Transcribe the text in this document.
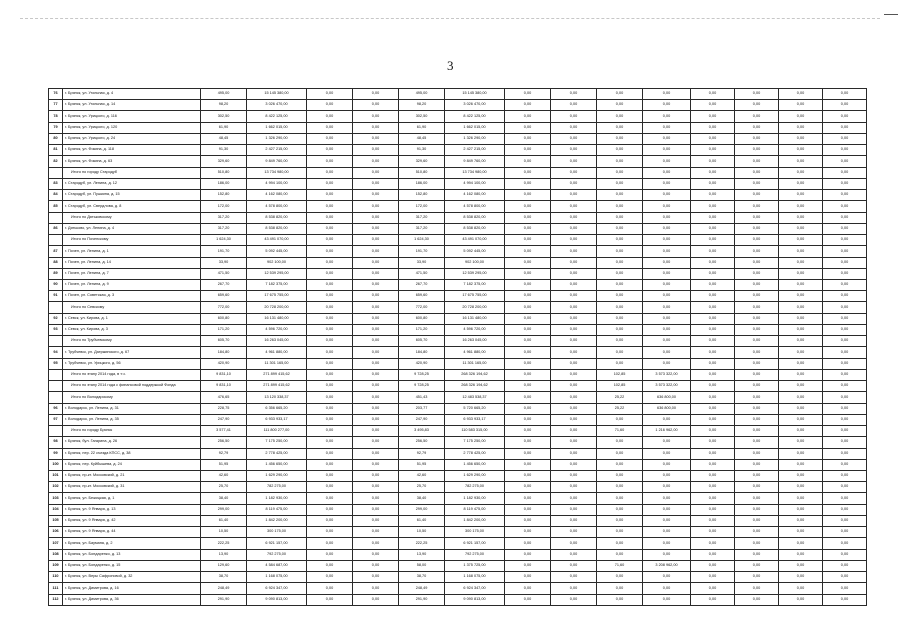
3
76	г. Брянск, ул. Угольная, д. 4	495,00	15 145 380,00	0,00	0,00	495,00	15 145 380,00	0,00	0,00	0,00	0,00	0,00	0,00	0,00	0,00
77	г. Брянск, ул. Угольная, д. 14	98,20	3 026 470,00	0,00	0,00	98,20	3 026 470,00	0,00	0,00	0,00	0,00	0,00	0,00	0,00	0,00
78	г. Брянск, ул. Урицкого, д. 116	302,50	8 422 125,00	0,00	0,00	302,50	8 422 125,00	0,00	0,00	0,00	0,00	0,00	0,00	0,00	0,00
79	г. Брянск, ул. Урицкого, д. 120	61,90	1 662 015,00	0,00	0,00	61,90	1 662 015,00	0,00	0,00	0,00	0,00	0,00	0,00	0,00	0,00
80	г. Брянск, ул. Урицкого, д. 24	48,45	1 326 290,00	0,00	0,00	48,45	1 326 290,00	0,00	0,00	0,00	0,00	0,00	0,00	0,00	0,00
81	г. Брянск, ул. Фокина, д. 118	91,30	2 427 215,00	0,00	0,00	91,30	2 427 215,00	0,00	0,00	0,00	0,00	0,00	0,00	0,00	0,00
82	г. Брянск, ул. Фокина, д. 63	329,60	9 849 760,00	0,00	0,00	329,60	9 849 760,00	0,00	0,00	0,00	0,00	0,00	0,00	0,00	0,00
	Итого по городу Стародуб	510,80	13 734 980,00	0,00	0,00	510,80	13 734 980,00	0,00	0,00	0,00	0,00	0,00	0,00	0,00	0,00
83	г. Стародуб, ул. Ленина, д. 12	186,00	4 994 100,00	0,00	0,00	186,00	4 994 100,00	0,00	0,00	0,00	0,00	0,00	0,00	0,00	0,00
84	г. Стародуб, ул. Пушкина, д. 15	152,80	4 162 080,00	0,00	0,00	152,80	4 162 080,00	0,00	0,00	0,00	0,00	0,00	0,00	0,00	0,00
85	г. Стародуб, ул. Свердлова, д. 8	172,00	4 578 800,00	0,00	0,00	172,00	4 578 800,00	0,00	0,00	0,00	0,00	0,00	0,00	0,00	0,00
	Итого по Дятьковскому	317,20	8 538 820,00	0,00	0,00	317,20	8 538 820,00	0,00	0,00	0,00	0,00	0,00	0,00	0,00	0,00
86	г. Дятьково, ул. Ленина, д. 4	317,20	8 538 820,00	0,00	0,00	317,20	8 538 820,00	0,00	0,00	0,00	0,00	0,00	0,00	0,00	0,00
	Итого по Почепскому	1 624,30	43 491 070,00	0,00	0,00	1 624,30	43 491 070,00	0,00	0,00	0,00	0,00	0,00	0,00	0,00	0,00
87	г. Почеп, ул. Ленина, д. 1	191,70	5 092 445,00	0,00	0,00	191,70	5 092 445,00	0,00	0,00	0,00	0,00	0,00	0,00	0,00	0,00
88	г. Почеп, ул. Ленина, д. 14	33,90	902 100,00	0,00	0,00	33,90	902 100,00	0,00	0,00	0,00	0,00	0,00	0,00	0,00	0,00
89	г. Почеп, ул. Ленина, д. 7	471,50	12 539 295,00	0,00	0,00	471,50	12 539 295,00	0,00	0,00	0,00	0,00	0,00	0,00	0,00	0,00
90	г. Почеп, ул. Ленина, д. 9	267,70	7 182 375,00	0,00	0,00	267,70	7 182 375,00	0,00	0,00	0,00	0,00	0,00	0,00	0,00	0,00
91	г. Почеп, ул. Советская, д. 3	659,60	17 675 755,00	0,00	0,00	659,60	17 675 755,00	0,00	0,00	0,00	0,00	0,00	0,00	0,00	0,00
	Итого по Севскому	772,00	20 728 200,00	0,00	0,00	772,00	20 728 200,00	0,00	0,00	0,00	0,00	0,00	0,00	0,00	0,00
92	г. Севск, ул. Кирова, д. 1	600,80	16 131 480,00	0,00	0,00	600,80	16 131 480,00	0,00	0,00	0,00	0,00	0,00	0,00	0,00	0,00
93	г. Севск, ул. Кирова, д. 3	171,20	4 596 720,00	0,00	0,00	171,20	4 596 720,00	0,00	0,00	0,00	0,00	0,00	0,00	0,00	0,00
	Итого по Трубчевскому	605,70	16 263 045,00	0,00	0,00	605,70	16 263 045,00	0,00	0,00	0,00	0,00	0,00	0,00	0,00	0,00
94	г. Трубчевск, ул. Дзержинского, д. 67	184,80	4 961 880,00	0,00	0,00	184,80	4 961 880,00	0,00	0,00	0,00	0,00	0,00	0,00	0,00	0,00
95	г. Трубчевск, ул. Урицкого, д. 56	420,90	11 301 165,00	0,00	0,00	420,90	11 301 165,00	0,00	0,00	0,00	0,00	0,00	0,00	0,00	0,00
	Итого по этапу 2014 года, в т.ч.	9 831,10	271 899 415,62	0,00	0,00	9 728,25	268 326 194,62	0,00	0,00	102,85	3 573 322,00	0,00	0,00	0,00	0,00
	Итого по этапу 2014 года с финансовой поддержкой Фонда	9 831,10	271 899 415,62	0,00	0,00	9 728,25	268 326 194,62	0,00	0,00	102,85	3 573 322,00	0,00	0,00	0,00	0,00
	Итого по Володарскому	476,65	13 120 338,37	0,00	0,00	451,43	12 483 538,37	0,00	0,00	25,22	636 800,00	0,00	0,00	0,00	0,00
96	г. Володарск, ул. Ленина, д. 31	228,75	6 356 665,20	0,00	0,00	203,77	5 720 665,20	0,00	0,00	25,22	636 800,00	0,00	0,00	0,00	0,00
97	г. Володарск, ул. Ленина, д. 35	247,90	6 933 933,17	0,00	0,00	247,90	6 933 933,17	0,00	0,00	0,00	0,00	0,00	0,00	0,00	0,00
	Итого по городу Брянск	3 577,41	111 800 277,00	0,00	0,00	3 495,83	110 583 315,00	0,00	0,00	71,60	1 216 962,00	0,00	0,00	0,00	0,00
98	г. Брянск, бул. Гагарина, д. 26	256,50	7 175 250,00	0,00	0,00	256,50	7 175 250,00	0,00	0,00	0,00	0,00	0,00	0,00	0,00	0,00
99	г. Брянск, пер. 22 съезда КПСС, д. 38	92,79	2 778 425,00	0,00	0,00	92,79	2 778 425,00	0,00	0,00	0,00	0,00	0,00	0,00	0,00	0,00
100	г. Брянск, пер. Куйбышева, д. 24	51,95	1 456 650,00	0,00	0,00	51,95	1 456 650,00	0,00	0,00	0,00	0,00	0,00	0,00	0,00	0,00
101	г. Брянск, пр-кт. Московский, д. 21	42,60	1 629 290,00	0,00	0,00	42,60	1 629 290,00	0,00	0,00	0,00	0,00	0,00	0,00	0,00	0,00
102	г. Брянск, пр-кт. Московский, д. 31	25,70	782 275,00	0,00	0,00	25,70	782 275,00	0,00	0,00	0,00	0,00	0,00	0,00	0,00	0,00
103	г. Брянск, ул. Бежицкая, д. 1	38,40	1 182 930,00	0,00	0,00	38,40	1 182 930,00	0,00	0,00	0,00	0,00	0,00	0,00	0,00	0,00
104	г. Брянск, ул. 9 Января, д. 13	299,00	8 119 475,00	0,00	0,00	299,00	8 119 475,00	0,00	0,00	0,00	0,00	0,00	0,00	0,00	0,00
105	г. Брянск, ул. 9 Января, д. 42	61,40	1 842 200,00	0,00	0,00	61,40	1 842 200,00	0,00	0,00	0,00	0,00	0,00	0,00	0,00	0,00
106	г. Брянск, ул. 9 Января, д. 44	10,50	300 175,00	0,00	0,00	10,50	300 175,00	0,00	0,00	0,00	0,00	0,00	0,00	0,00	0,00
107	г. Брянск, ул. Баумана, д. 2	222,25	6 921 157,00	0,00	0,00	222,25	6 921 157,00	0,00	0,00	0,00	0,00	0,00	0,00	0,00	0,00
108	г. Брянск, ул. Бондаренко, д. 13	13,90	792 275,00	0,00	0,00	13,90	792 275,00	0,00	0,00	0,00	0,00	0,00	0,00	0,00	0,00
109	г. Брянск, ул. Бондаренко, д. 15	129,60	4 584 687,00	0,00	0,00	58,00	1 375 725,00	0,00	0,00	71,60	3 208 962,00	0,00	0,00	0,00	0,00
110	г. Брянск, ул. Веры Сафроновой, д. 32	38,70	1 168 075,00	0,00	0,00	38,70	1 168 075,00	0,00	0,00	0,00	0,00	0,00	0,00	0,00	0,00
111	г. Брянск, ул. Димитрова, д. 16	248,49	6 924 347,00	0,00	0,00	248,49	6 924 347,00	0,00	0,00	0,00	0,00	0,00	0,00	0,00	0,00
112	г. Брянск, ул. Димитрова, д. 36	291,90	9 090 813,00	0,00	0,00	291,90	9 090 813,00	0,00	0,00	0,00	0,00	0,00	0,00	0,00	0,00
